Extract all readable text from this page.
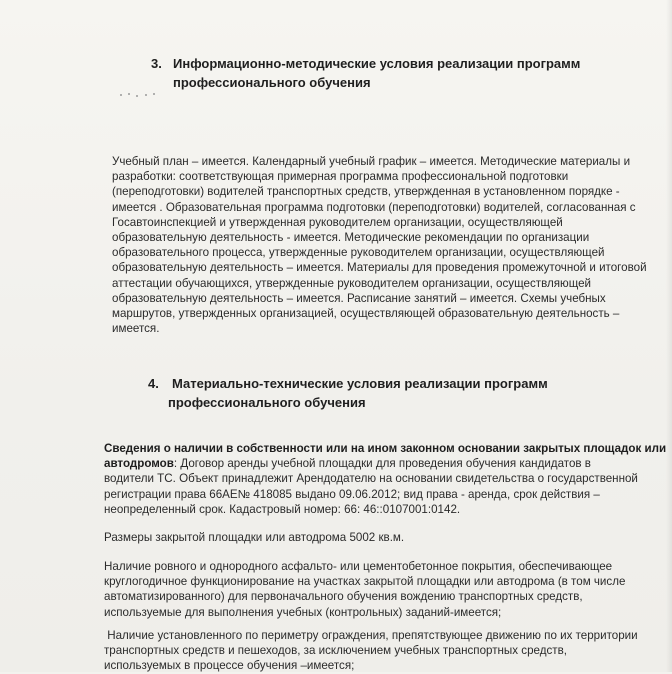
3. Информационно-методические условия реализации программ
профессионального обучения
Учебный план – имеется. Календарный учебный график – имеется. Методические материалы и
разработки: соответствующая примерная программа профессиональной подготовки
(переподготовки) водителей транспортных средств, утвержденная в установленном порядке -
имеется . Образовательная программа подготовки (переподготовки) водителей, согласованная с
Госавтоинспекцией и утвержденная руководителем организации, осуществляющей
образовательную деятельность - имеется. Методические рекомендации по организации
образовательного процесса, утвержденные руководителем организации, осуществляющей
образовательную деятельность – имеется. Материалы для проведения промежуточной и итоговой
аттестации обучающихся, утвержденные руководителем организации, осуществляющей
образовательную деятельность – имеется. Расписание занятий – имеется. Схемы учебных
маршрутов, утвержденных организацией, осуществляющей образовательную деятельность –
имеется.
4. Материально-технические условия реализации программ
профессионального обучения
Сведения о наличии в собственности или на ином законном основании закрытых площадок или
автодромов: Договор аренды учебной площадки для проведения обучения кандидатов в
водители ТС. Объект принадлежит Арендодателю на основании свидетельства о государственной
регистрации права 66АЕ№ 418085 выдано 09.06.2012; вид права - аренда, срок действия –
неопределенный срок. Кадастровый номер: 66: 46::0107001:0142.
Размеры закрытой площадки или автодрома 5002 кв.м.
Наличие ровного и однородного асфальто- или цементобетонное покрытия, обеспечивающее
круглогодичное функционирование на участках закрытой площадки или автодрома (в том числе
автоматизированного) для первоначального обучения вождению транспортных средств,
используемые для выполнения учебных (контрольных) заданий-имеется;
Наличие установленного по периметру ограждения, препятствующее движению по их территории
транспортных средств и пешеходов, за исключением учебных транспортных средств,
используемых в процессе обучения –имеется;
